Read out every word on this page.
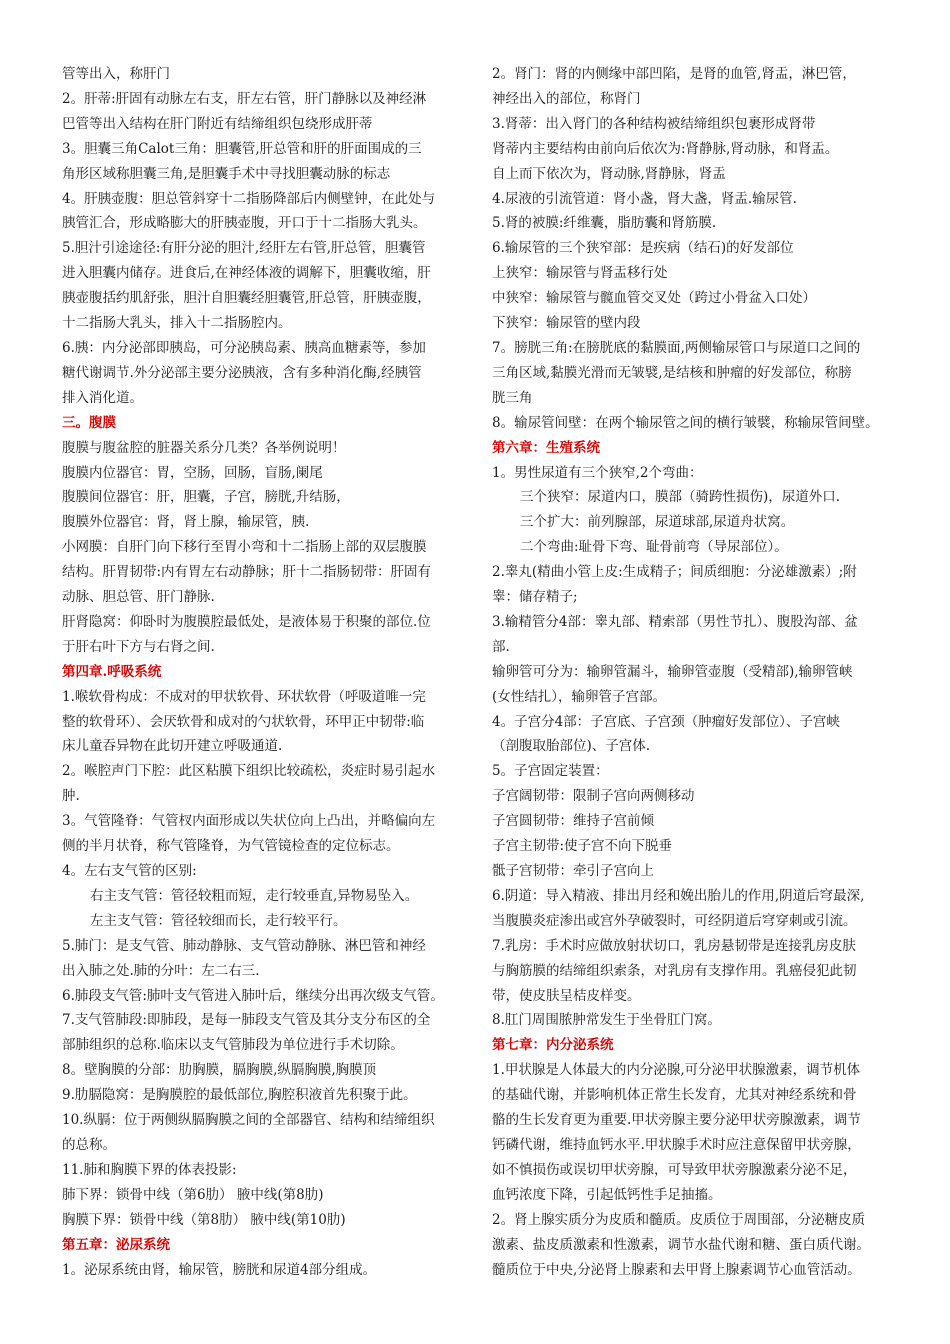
管等出入，称肝门
2。肝蒂:肝固有动脉左右支，肝左右管，肝门静脉以及神经淋
巴管等出入结构在肝门附近有结缔组织包绕形成肝蒂
3。胆囊三角Calot三角：胆囊管,肝总管和肝的肝面围成的三
角形区域称胆囊三角,是胆囊手术中寻找胆囊动脉的标志
4。肝胰壶腹：胆总管斜穿十二指肠降部后内侧壁钟，在此处与
胰管汇合，形成略膨大的肝胰壶腹，开口于十二指肠大乳头。
5.胆汁引途途径:有肝分泌的胆汁,经肝左右管,肝总管，胆囊管
进入胆囊内储存。进食后,在神经体液的调解下，胆囊收缩，肝
胰壶腹括约肌舒张，胆汁自胆囊经胆囊管,肝总管，肝胰壶腹，
十二指肠大乳头，排入十二指肠腔内。
6.胰：内分泌部即胰岛，可分泌胰岛素、胰高血糖素等，参加
糖代谢调节.外分泌部主要分泌胰液，含有多种消化酶,经胰管
排入消化道。
三。腹膜
腹膜与腹盆腔的脏器关系分几类？各举例说明！
腹膜内位器官：胃，空肠，回肠，盲肠,阑尾
腹膜间位器官：肝，胆囊，子宫，膀胱,升结肠，
腹膜外位器官：肾，肾上腺，输尿管，胰.
小网膜：自肝门向下移行至胃小弯和十二指肠上部的双层腹膜
结构。肝胃韧带:内有胃左右动静脉；肝十二指肠韧带：肝固有
动脉、胆总管、肝门静脉.
肝肾隐窝：仰卧时为腹膜腔最低处，是液体易于积聚的部位.位
于肝右叶下方与右肾之间.
第四章.呼吸系统
1.喉软骨构成：不成对的甲状软骨、环状软骨（呼吸道唯一完
整的软骨环）、会厌软骨和成对的勺状软骨，环甲正中韧带:临
床儿童吞异物在此切开建立呼吸通道.
2。喉腔声门下腔：此区粘膜下组织比较疏松，炎症时易引起水
肿.
3。气管隆脊：气管杈内面形成以失状位向上凸出，并略偏向左
侧的半月状脊，称气管隆脊，为气管镜检查的定位标志。
4。左右支气管的区别:
右主支气管：管径较粗而短，走行较垂直,异物易坠入。
左主支气管：管径较细而长，走行较平行。
5.肺门：是支气管、肺动静脉、支气管动静脉、淋巴管和神经
出入肺之处.肺的分叶：左二右三.
6.肺段支气管:肺叶支气管进入肺叶后，继续分出再次级支气管。
7.支气管肺段:即肺段，是每一肺段支气管及其分支分布区的全
部肺组织的总称.临床以支气管肺段为单位进行手术切除。
8。壁胸膜的分部：肋胸膜，膈胸膜,纵膈胸膜,胸膜顶
9.肋膈隐窝：是胸膜腔的最低部位,胸腔积液首先积聚于此。
10.纵膈：位于两侧纵膈胸膜之间的全部器官、结构和结缔组织
的总称。
11.肺和胸膜下界的体表投影:
肺下界：锁骨中线（第6肋） 腋中线(第8肋)
胸膜下界：锁骨中线（第8肋） 腋中线(第10肋)
第五章：泌尿系统
1。泌尿系统由肾，输尿管，膀胱和尿道4部分组成。
2。肾门：肾的内侧缘中部凹陷，是肾的血管,肾盂，淋巴管，
神经出入的部位，称肾门
3.肾蒂：出入肾门的各种结构被结缔组织包裹形成肾带
肾蒂内主要结构由前向后依次为:肾静脉,肾动脉，和肾盂。
自上而下依次为，肾动脉,肾静脉，肾盂
4.尿液的引流管道：肾小盏，肾大盏，肾盂.输尿管.
5.肾的被膜:纤维囊，脂肪囊和肾筋膜.
6.输尿管的三个狭窄部：是疾病（结石)的好发部位
上狭窄：输尿管与肾盂移行处
中狭窄：输尿管与髋血管交叉处（跨过小骨盆入口处）
下狭窄：输尿管的壁内段
7。膀胱三角:在膀胱底的黏膜面,两侧输尿管口与尿道口之间的
三角区域,黏膜光滑而无皱襞,是结核和肿瘤的好发部位，称膀
胱三角
8。输尿管间壁：在两个输尿管之间的横行皱襞，称输尿管间壁。
第六章：生殖系统
1。男性尿道有三个狭窄,2个弯曲：
三个狭窄：尿道内口，膜部（骑跨性损伤)，尿道外口.
三个扩大：前列腺部，尿道球部,尿道舟状窝。
二个弯曲:耻骨下弯、耻骨前弯（导尿部位）。
2.睾丸(精曲小管上皮:生成精子；间质细胞：分泌雄激素）;附
睾：储存精子;
3.输精管分4部：睾丸部、精索部（男性节扎）、腹股沟部、盆
部.
输卵管可分为：输卵管漏斗，输卵管壶腹（受精部),输卵管峡
(女性结扎），输卵管子宫部。
4。子宫分4部：子宫底、子宫颈（肿瘤好发部位）、子宫峡
（剖腹取胎部位)、子宫体.
5。子宫固定装置：
子宫阔韧带：限制子宫向两侧移动
子宫圆韧带：维持子宫前倾
子宫主韧带:使子宫不向下脱垂
骶子宫韧带：牵引子宫向上
6.阴道：导入精液、排出月经和娩出胎儿的作用,阴道后穹最深,
当腹膜炎症渗出或宫外孕破裂时，可经阴道后穹穿刺或引流。
7.乳房：手术时应做放射状切口，乳房悬韧带是连接乳房皮肤
与胸筋膜的结缔组织索条，对乳房有支撑作用。乳癌侵犯此韧
带，使皮肤呈桔皮样变。
8.肛门周围脓肿常发生于坐骨肛门窝。
第七章：内分泌系统
1.甲状腺是人体最大的内分泌腺,可分泌甲状腺激素，调节机体
的基础代谢，并影响机体正常生长发育，尤其对神经系统和骨
骼的生长发育更为重要.甲状旁腺主要分泌甲状旁腺激素，调节
钙磷代谢，维持血钙水平.甲状腺手术时应注意保留甲状旁腺，
如不慎损伤或误切甲状旁腺，可导致甲状旁腺激素分泌不足，
血钙浓度下降，引起低钙性手足抽搐。
2。肾上腺实质分为皮质和髓质。皮质位于周围部，分泌糖皮质
激素、盐皮质激素和性激素，调节水盐代谢和糖、蛋白质代谢。
髓质位于中央,分泌肾上腺素和去甲肾上腺素调节心血管活动。
